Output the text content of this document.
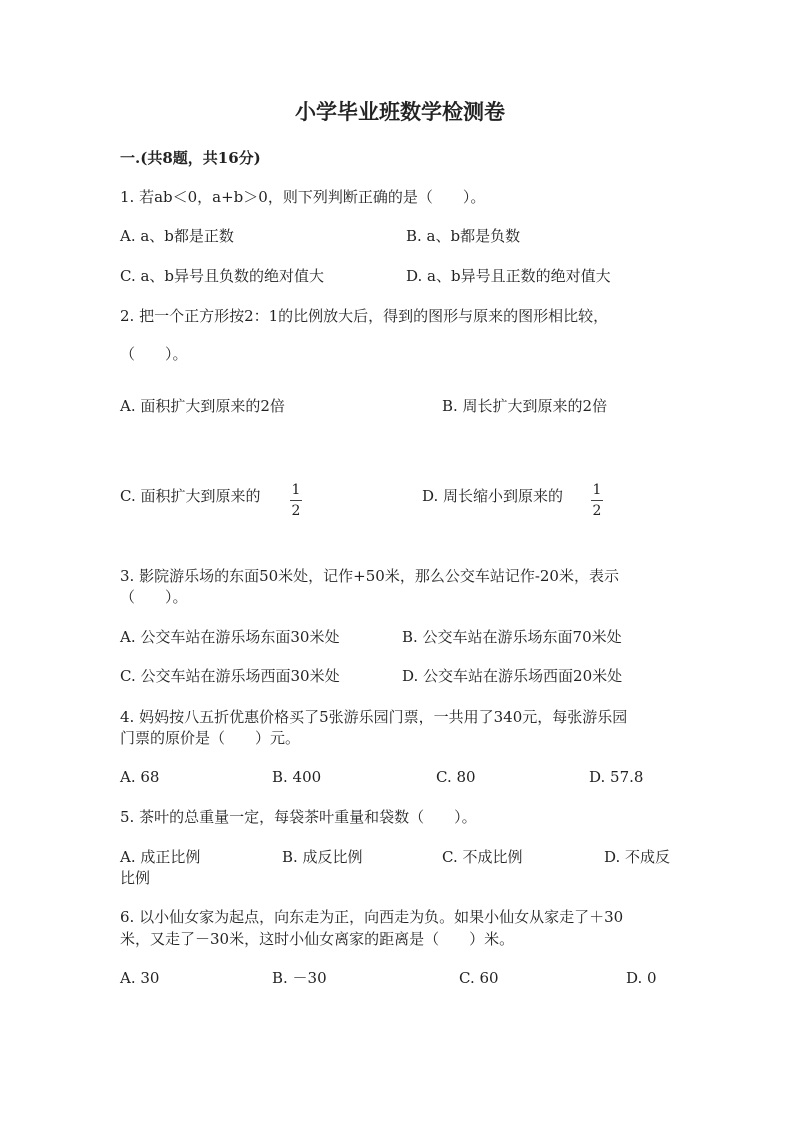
小学毕业班数学检测卷
一.(共8题，共16分)
1. 若ab＜0，a+b＞0，则下列判断正确的是（　　）。
A. a、b都是正数	B. a、b都是负数
C. a、b异号且负数的绝对值大	D. a、b异号且正数的绝对值大
2. 把一个正方形按2：1的比例放大后，得到的图形与原来的图形相比较，
（　　）。
A. 面积扩大到原来的2倍	B. 周长扩大到原来的2倍
C. 面积扩大到原来的 1
2
D. 周长缩小到原来的 1
2
3. 影院游乐场的东面50米处，记作+50米，那么公交车站记作-20米，表示
（　　）。
A. 公交车站在游乐场东面30米处	B. 公交车站在游乐场东面70米处
C. 公交车站在游乐场西面30米处	D. 公交车站在游乐场西面20米处
4. 妈妈按八五折优惠价格买了5张游乐园门票，一共用了340元，每张游乐园
门票的原价是（　　）元。
A. 68	B. 400	C. 80	D. 57.8
5. 茶叶的总重量一定，每袋茶叶重量和袋数（　　）。
A. 成正比例	B. 成反比例	C. 不成比例	D. 不成反
比例
6. 以小仙女家为起点，向东走为正，向西走为负。如果小仙女从家走了＋30
米，又走了－30米，这时小仙女离家的距离是（　　）米。
A. 30	B. －30	C. 60	D. 0
